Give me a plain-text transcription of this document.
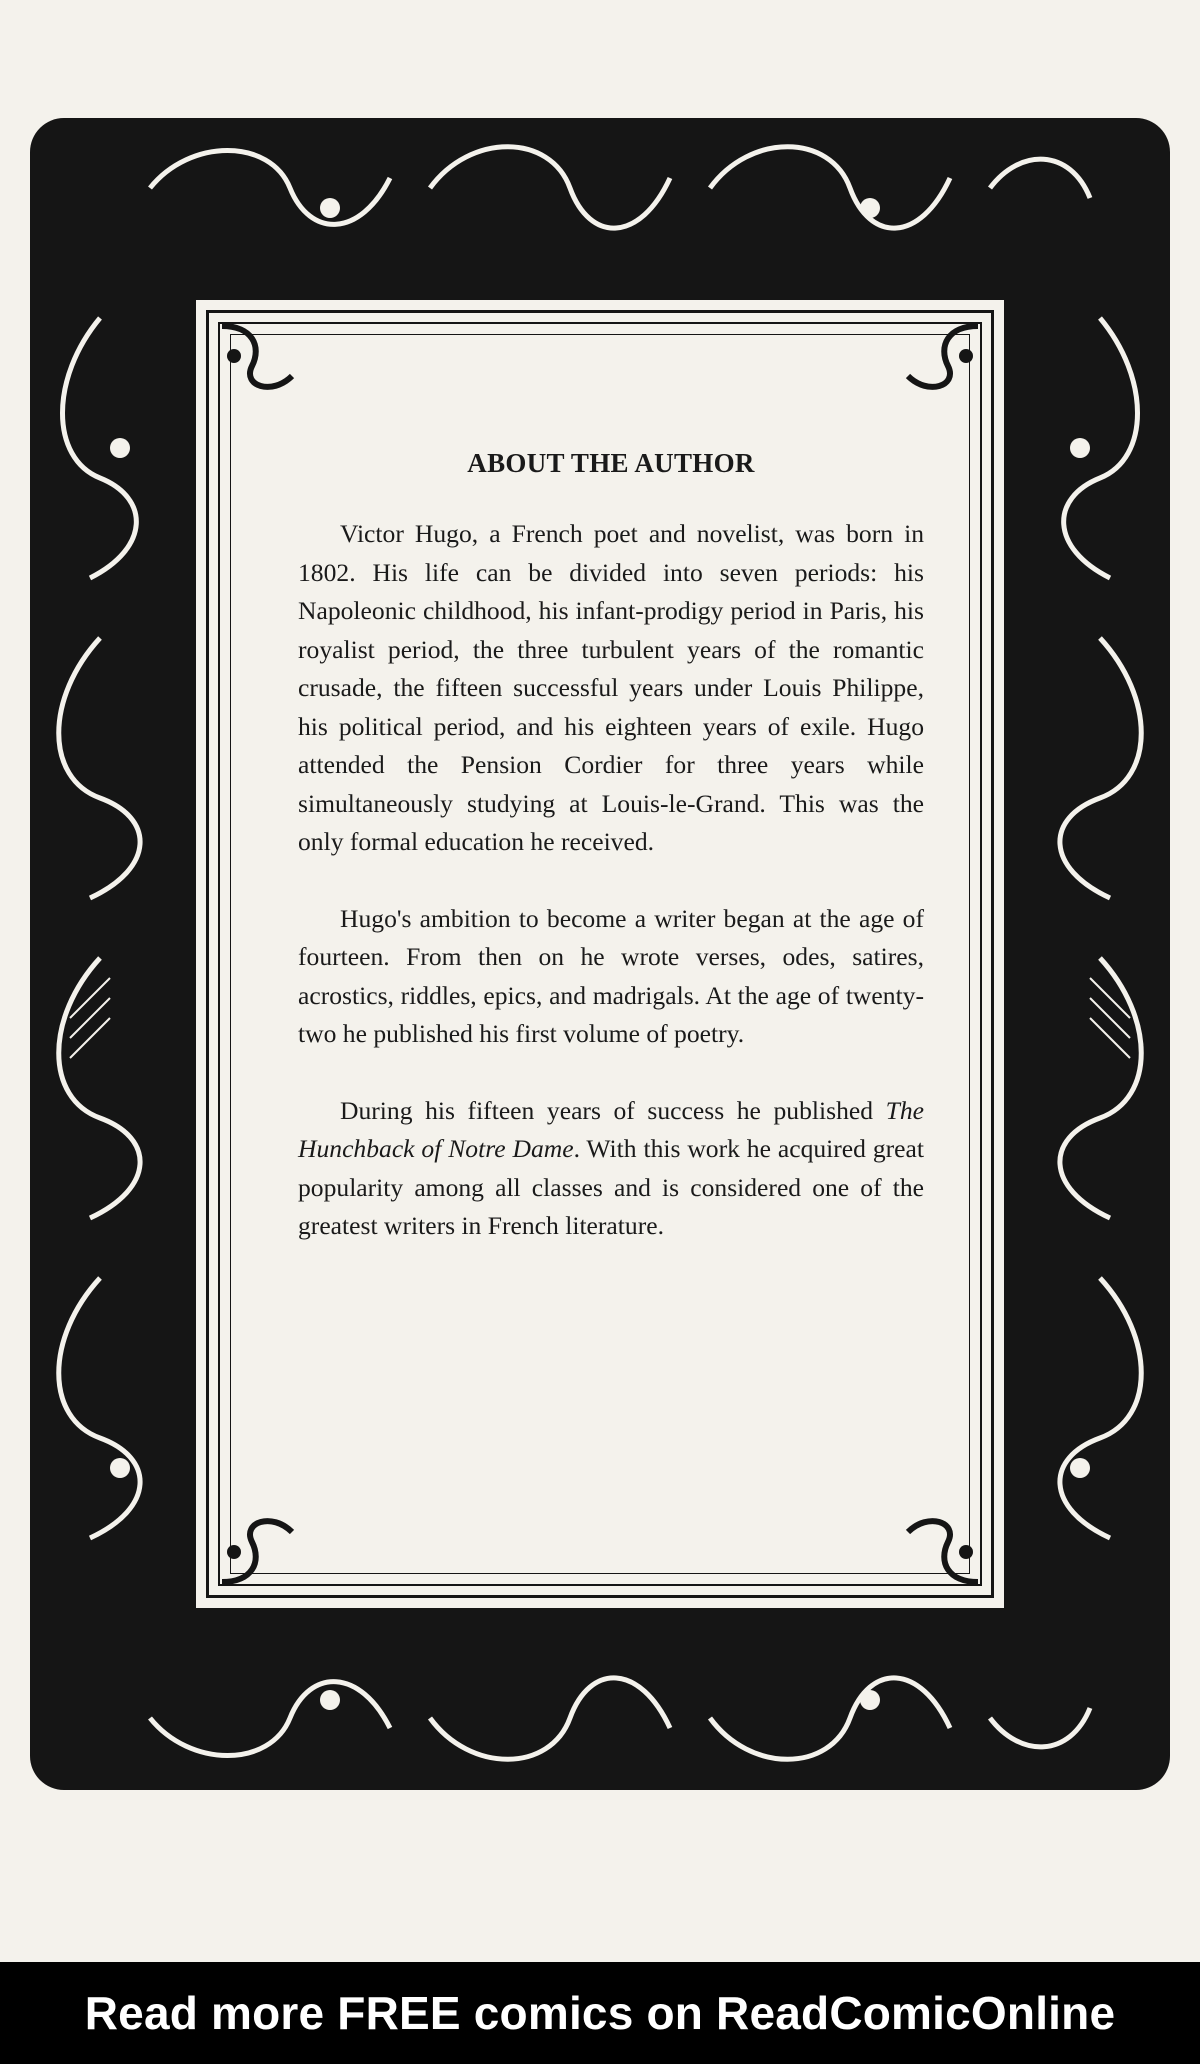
ABOUT THE AUTHOR

Victor Hugo, a French poet and novelist, was born in 1802. His life can be divided into seven periods: his Napoleonic childhood, his infant-prodigy period in Paris, his royalist period, the three turbulent years of the romantic crusade, the fifteen successful years under Louis Philippe, his political period, and his eighteen years of exile. Hugo attended the Pension Cordier for three years while simultaneously studying at Louis-le-Grand. This was the only formal education he received.

Hugo's ambition to become a writer began at the age of fourteen. From then on he wrote verses, odes, satires, acrostics, riddles, epics, and madrigals. At the age of twenty-two he published his first volume of poetry.

During his fifteen years of success he published The Hunchback of Notre Dame. With this work he acquired great popularity among all classes and is considered one of the greatest writers in French literature.

Read more FREE comics on ReadComicOnline
